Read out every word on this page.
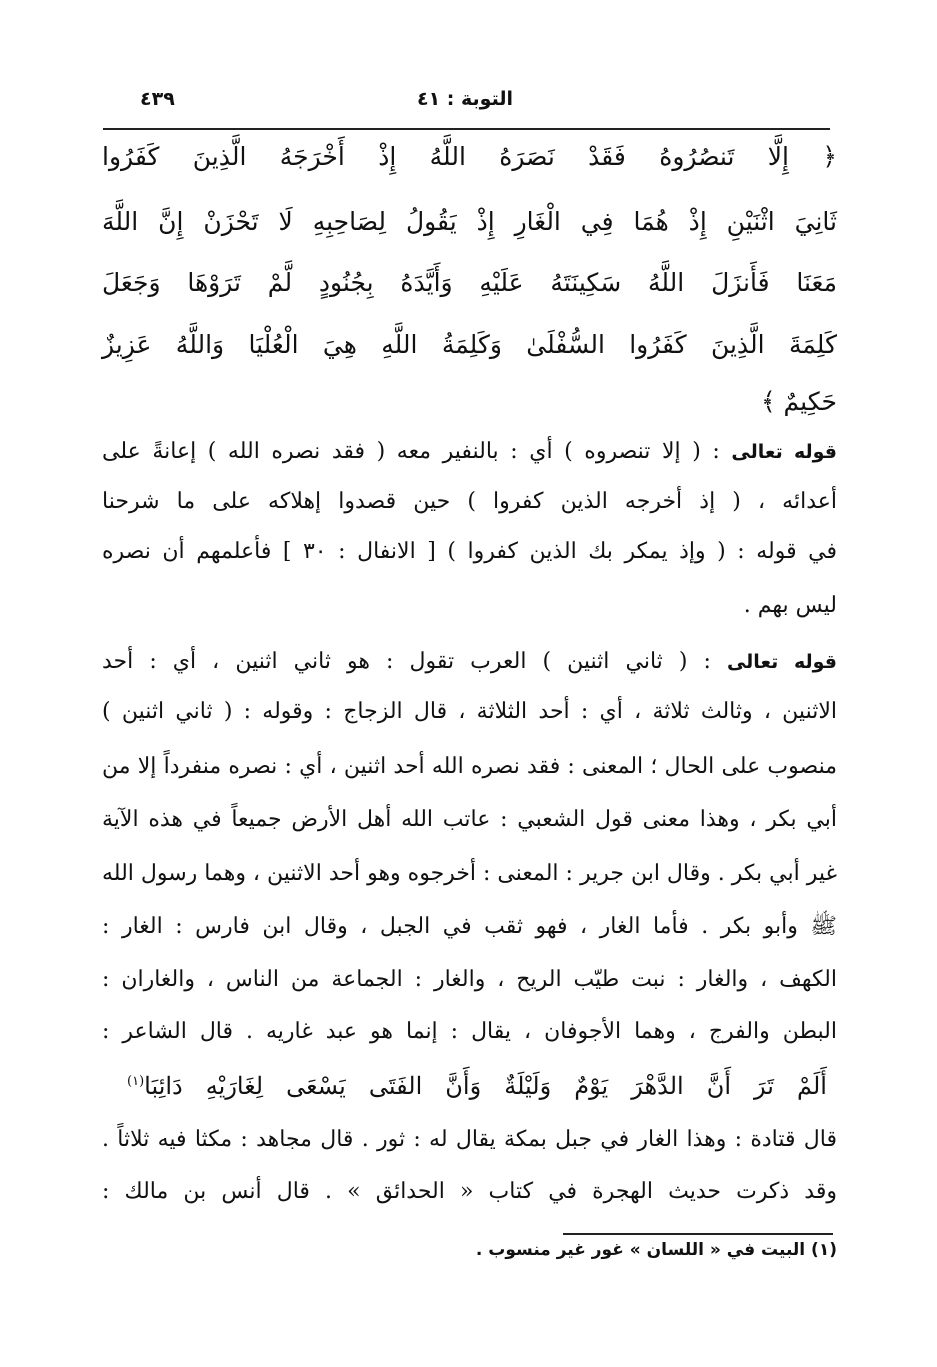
التوبة : ٤١
٤٣٩
﴿ إِلَّا تَنصُرُوهُ فَقَدْ نَصَرَهُ اللَّهُ إِذْ أَخْرَجَهُ الَّذِينَ كَفَرُوا
ثَانِيَ اثْنَيْنِ إِذْ هُمَا فِي الْغَارِ إِذْ يَقُولُ لِصَاحِبِهِ لَا تَحْزَنْ إِنَّ اللَّهَ
مَعَنَا فَأَنزَلَ اللَّهُ سَكِينَتَهُ عَلَيْهِ وَأَيَّدَهُ بِجُنُودٍ لَّمْ تَرَوْهَا وَجَعَلَ
كَلِمَةَ الَّذِينَ كَفَرُوا السُّفْلَىٰ وَكَلِمَةُ اللَّهِ هِيَ الْعُلْيَا وَاللَّهُ عَزِيزٌ
حَكِيمٌ ﴾
قوله تعالى : ( إلا تنصروه ) أي : بالنفير معه ( فقد نصره الله ) إعانةً على
أعدائه ، ( إذ أخرجه الذين كفروا ) حين قصدوا إهلاكه على ما شرحنا
في قوله : ( وإذ يمكر بك الذين كفروا ) [ الانفال : ٣٠ ] فأعلمهم أن نصره
ليس بهم .
قوله تعالى : ( ثاني اثنين ) العرب تقول : هو ثاني اثنين ، أي : أحد
الاثنين ، وثالث ثلاثة ، أي : أحد الثلاثة ، قال الزجاج : وقوله : ( ثاني اثنين )
منصوب على الحال ؛ المعنى : فقد نصره الله أحد اثنين ، أي : نصره منفرداً إلا من
أبي بكر ، وهذا معنى قول الشعبي : عاتب الله أهل الأرض جميعاً في هذه الآية
غير أبي بكر . وقال ابن جرير : المعنى : أخرجوه وهو أحد الاثنين ، وهما رسول الله
ﷺ وأبو بكر . فأما الغار ، فهو ثقب في الجبل ، وقال ابن فارس : الغار :
الكهف ، والغار : نبت طيّب الريح ، والغار : الجماعة من الناس ، والغاران :
البطن والفرج ، وهما الأجوفان ، يقال : إنما هو عبد غاريه . قال الشاعر :
أَلَمْ تَرَ أَنَّ الدَّهْرَ يَوْمٌ وَلَيْلَةٌ وَأَنَّ الفَتَى يَسْعَى لِغَارَيْهِ دَائِبَا$^{(١)}$
قال قتادة : وهذا الغار في جبل بمكة يقال له : ثور . قال مجاهد : مكثا فيه ثلاثاً .
وقد ذكرت حديث الهجرة في كتاب « الحدائق » . قال أنس بن مالك :
(١) البيت في « اللسان » غور غير منسوب .
